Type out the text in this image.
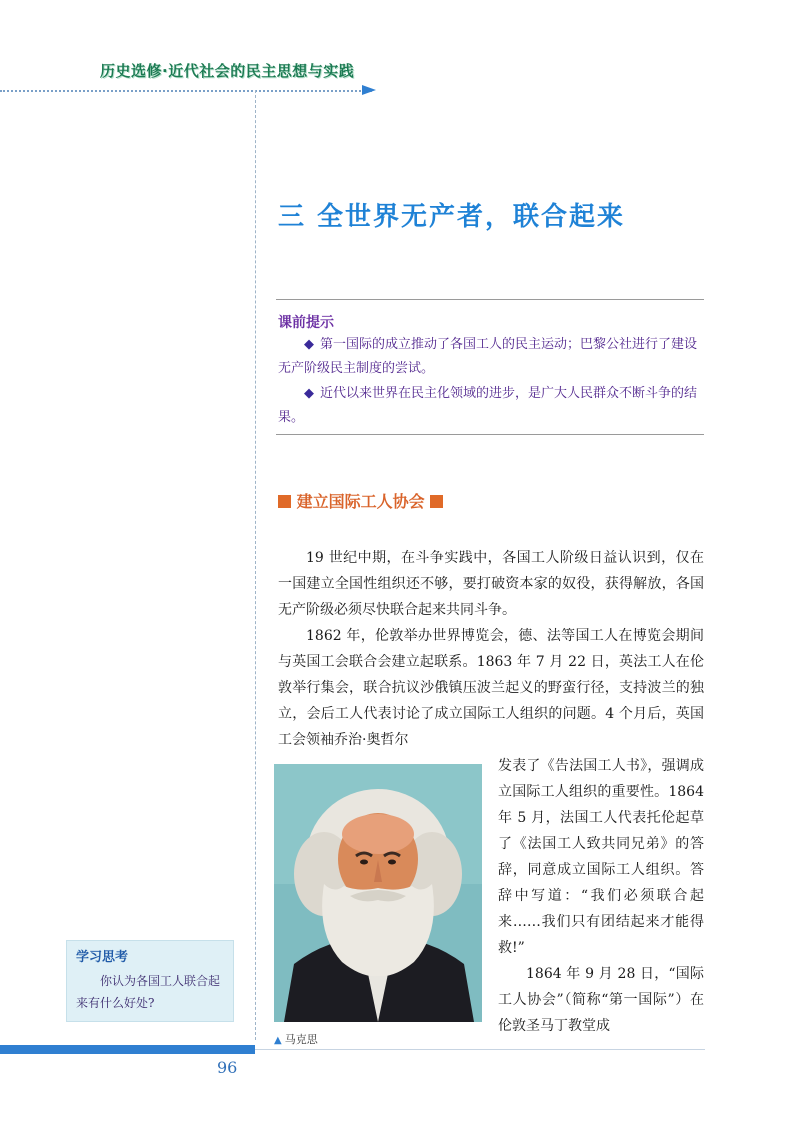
历史选修·近代社会的民主思想与实践
三 全世界无产者，联合起来
课前提示
◆ 第一国际的成立推动了各国工人的民主运动；巴黎公社进行了建设无产阶级民主制度的尝试。
◆ 近代以来世界在民主化领域的进步，是广大人民群众不断斗争的结果。
建立国际工人协会
19 世纪中期，在斗争实践中，各国工人阶级日益认识到，仅在一国建立全国性组织还不够，要打破资本家的奴役，获得解放，各国无产阶级必须尽快联合起来共同斗争。
1862 年，伦敦举办世界博览会，德、法等国工人在博览会期间与英国工会联合会建立起联系。1863 年 7 月 22 日，英法工人在伦敦举行集会，联合抗议沙俄镇压波兰起义的野蛮行径，支持波兰的独立，会后工人代表讨论了成立国际工人组织的问题。4 个月后，英国工会领袖乔治·奥哲尔
发表了《告法国工人书》，强调成立国际工人组织的重要性。1864 年 5 月，法国工人代表托伦起草了《法国工人致共同兄弟》的答辞，同意成立国际工人组织。答辞中写道：“我们必须联合起来……我们只有团结起来才能得救!”
1864 年 9 月 28 日，“国际工人协会”（简称“第一国际”）在伦敦圣马丁教堂成
▲ 马克思
学习思考
你认为各国工人联合起来有什么好处?
96
